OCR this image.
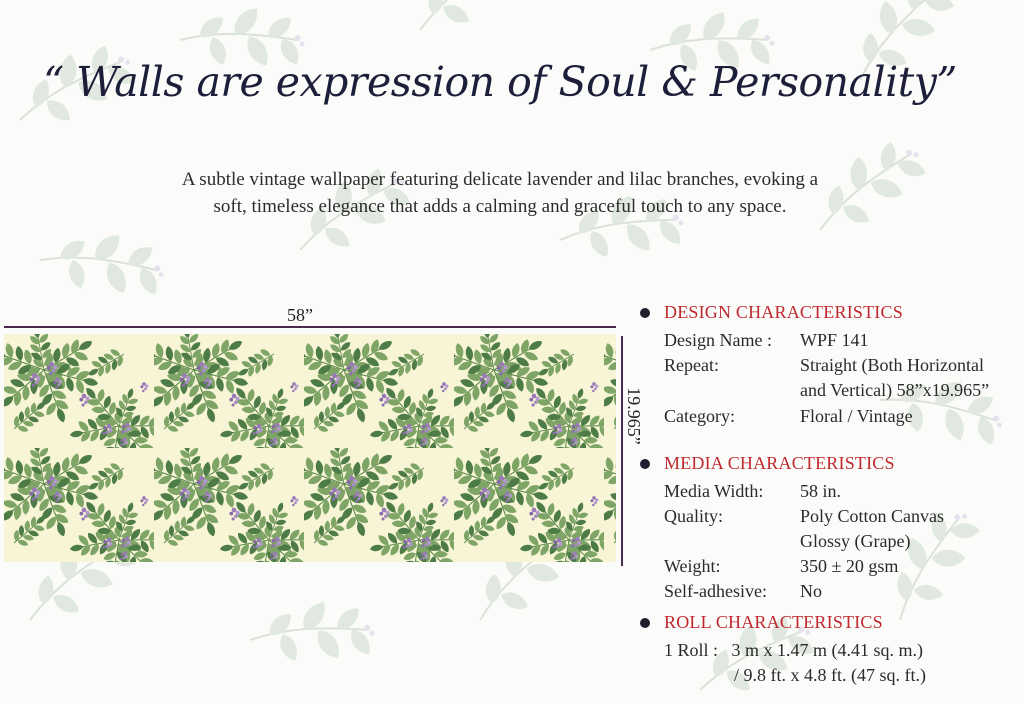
“ Walls are expression of Soul & Personality”

A subtle vintage wallpaper featuring delicate lavender and lilac branches, evoking a
soft, timeless elegance that adds a calming and graceful touch to any space.

58”
19.965”
DESIGN CHARACTERISTICS
Design Name : WPF 141
Repeat:	Straight (Both Horizontal
and Vertical) 58”x19.965”
Category:	Floral / Vintage
MEDIA CHARACTERISTICS
Media Width: 58 in.
Quality:	Poly Cotton Canvas
Glossy (Grape)
Weight:	350 ± 20 gsm
Self-adhesive: No
ROLL CHARACTERISTICS
1 Roll :   3 m x 1.47 m (4.41 sq. m.)
/ 9.8 ft. x 4.8 ft. (47 sq. ft.)
